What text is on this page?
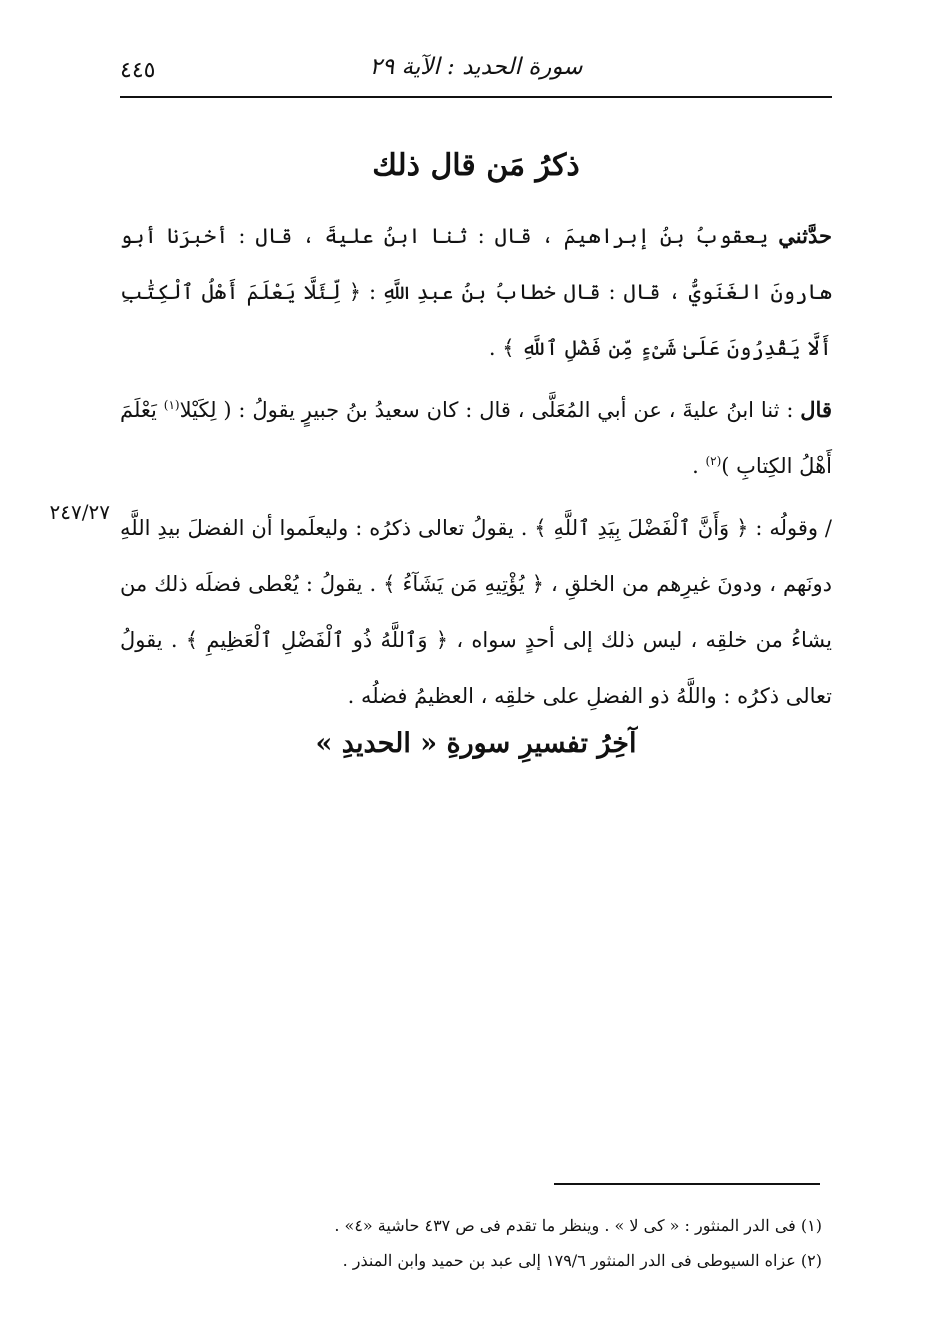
٤٤٥	سورة الحديد : الآية ٢٩
ذكرُ مَن قال ذلك

حدَّثني يعقوبُ بنُ إبراهيمَ ، قال : ثنا ابنُ عليةَ ، قال : أخبرَنا أبو هارونَ الغَنَويُّ ، قال : قال خطابُ بنُ عبدِ اللَّهِ : ﴿ لِّئَلَّا يَعْلَمَ أَهْلُ ٱلْكِتَٰبِ أَلَّا يَقْدِرُونَ عَلَىٰ شَىْءٍ مِّن فَضْلِ ٱللَّهِ ﴾ .

قال : ثنا ابنُ عليةَ ، عن أبي المُعَلَّى ، قال : كان سعيدُ بنُ جبيرٍ يقولُ : ( لِكَيْلا$^{(١)}$ يَعْلَمَ أَهْلُ الكِتابِ )$^{(٢)}$ .

/ وقولُه : ﴿ وَأَنَّ ٱلْفَضْلَ بِيَدِ ٱللَّهِ ﴾ . يقولُ تعالى ذكرُه : وليعلَموا أن الفضلَ بيدِ اللَّهِ دونَهم ، ودونَ غيرِهم من الخلقِ ، ﴿ يُؤْتِيهِ مَن يَشَآءُ ﴾ . يقولُ : يُعْطى فضلَه ذلك من يشاءُ من خلقِه ، ليس ذلك إلى أحدٍ سواه ، ﴿ وَٱللَّهُ ذُو ٱلْفَضْلِ ٱلْعَظِيمِ ﴾ . يقولُ تعالى ذكرُه : واللَّهُ ذو الفضلِ على خلقِه ، العظيمُ فضلُه .

٢٤٧/٢٧
آخِرُ تفسيرِ سورةِ « الحديدِ »
(١) فى الدر المنثور : « كى لا » . وينظر ما تقدم فى ص ٤٣٧ حاشية «٤» .
(٢) عزاه السيوطى فى الدر المنثور ١٧٩/٦ إلى عبد بن حميد وابن المنذر .
